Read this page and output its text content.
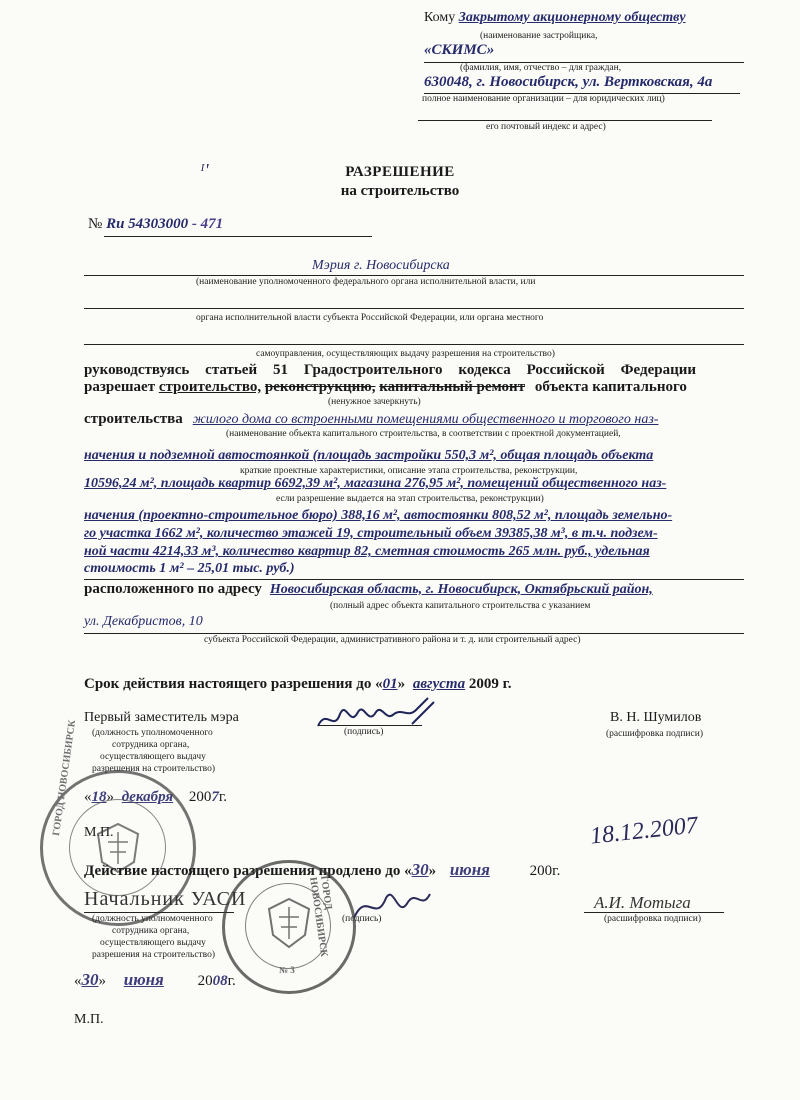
Кому Закрытому акционерному обществу
(наименование застройщика,
«СКИМС»
(фамилия, имя, отчество – для граждан,
630048, г. Новосибирск, ул. Вертковская, 4а
полное наименование организации – для юридических лиц)
его почтовый индекс и адрес)
ᴵ'	РАЗРЕШЕНИЕ
на строительство
№ Ru 54303000 - 471
Мэрия г. Новосибирска
(наименование уполномоченного федерального органа исполнительной власти, или
органа исполнительной власти субъекта Российской Федерации, или органа местного
самоуправления, осуществляющих выдачу разрешения на строительство)
руководствуясь статьей 51 Градостроительного кодекса Российской Федерации
разрешает строительство, реконструкцию, капитальный ремонт объекта капитального
(ненужное зачеркнуть)
строительства жилого дома со встроенными помещениями общественного и торгового наз-
(наименование объекта капитального строительства, в соответствии с проектной документацией,
начения и подземной автостоянкой (площадь застройки 550,3 м², общая площадь объекта
краткие проектные характеристики, описание этапа строительства, реконструкции,
10596,24 м², площадь квартир 6692,39 м², магазина 276,95 м², помещений общественного наз-
если разрешение выдается на этап строительства, реконструкции)
начения (проектно-строительное бюро) 388,16 м², автостоянки 808,52 м², площадь земельно-
го участка 1662 м², количество этажей 19, строительный объем 39385,38 м³, в т.ч. подзем-
ной части 4214,33 м³, количество квартир 82, сметная стоимость 265 млн. руб., удельная
стоимость 1 м² – 25,01 тыс. руб.)
расположенного по адресу Новосибирская область, г. Новосибирск, Октябрьский район,
(полный адрес объекта капитального строительства с указанием
ул. Декабристов, 10
субъекта Российской Федерации, административного района и т. д. или строительный адрес)
Срок действия настоящего разрешения до «01» августа 2009 г.
Первый заместитель мэра
(должность уполномоченного
сотрудника органа,
осуществляющего выдачу
разрешения на строительство)
(подпись)
В. Н. Шумилов
(расшифровка подписи)
«18» декабря 2007г.
М.П.
ГОРОД НОВОСИБИРСК
Действие настоящего разрешения продлено до «30» июня	200г.
18.12.2007
Начальник УАСИ
(должность уполномоченного
сотрудника органа,
осуществляющего выдачу
разрешения на строительство)
(подпись)
А.И. Мотыга
(расшифровка подписи)
«30» июня 2008г.
М.П.
ГОРОД НОВОСИБИРСК
№ 3
